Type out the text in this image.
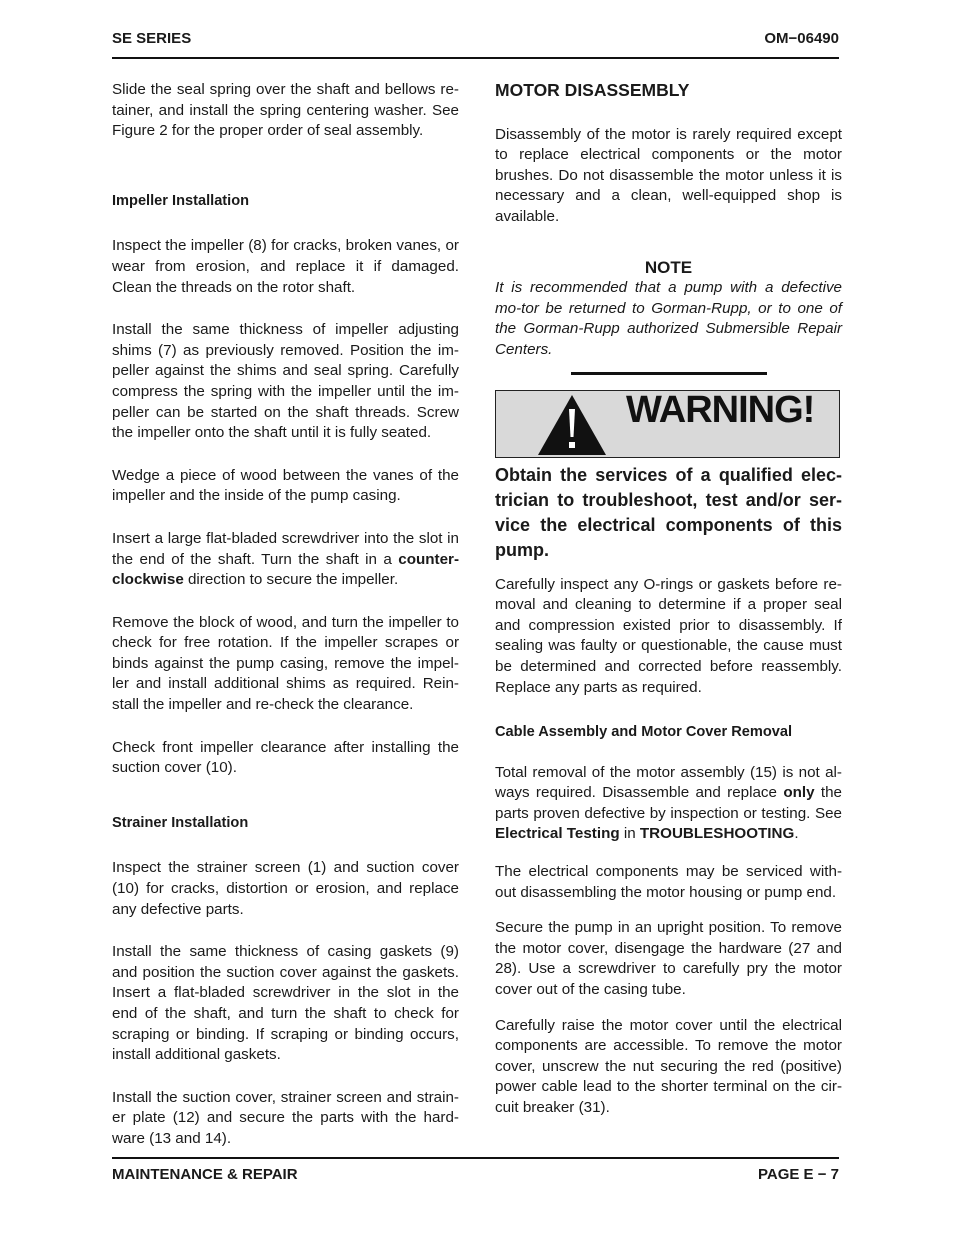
SE SERIES	OM−06490

Slide the seal spring over the shaft and bellows re-tainer, and install the spring centering washer. See Figure 2 for the proper order of seal assembly.

Impeller Installation

Inspect the impeller (8) for cracks, broken vanes, or wear from erosion, and replace it if damaged. Clean the threads on the rotor shaft.

Install the same thickness of impeller adjusting shims (7) as previously removed. Position the im-peller against the shims and seal spring. Carefully compress the spring with the impeller until the im-peller can be started on the shaft threads. Screw the impeller onto the shaft until it is fully seated.

Wedge a piece of wood between the vanes of the impeller and the inside of the pump casing.

Insert a large flat-bladed screwdriver into the slot in the end of the shaft. Turn the shaft in a counter-clockwise direction to secure the impeller.

Remove the block of wood, and turn the impeller to check for free rotation. If the impeller scrapes or binds against the pump casing, remove the impel-ler and install additional shims as required. Rein-stall the impeller and re-check the clearance.

Check front impeller clearance after installing the suction cover (10).

Strainer Installation

Inspect the strainer screen (1) and suction cover (10) for cracks, distortion or erosion, and replace any defective parts.

Install the same thickness of casing gaskets (9) and position the suction cover against the gaskets. Insert a flat-bladed screwdriver in the slot in the end of the shaft, and turn the shaft to check for scraping or binding. If scraping or binding occurs, install additional gaskets.

Install the suction cover, strainer screen and strain-er plate (12) and secure the parts with the hard-ware (13 and 14).

MOTOR DISASSEMBLY

Disassembly of the motor is rarely required except to replace electrical components or the motor brushes. Do not disassemble the motor unless it is necessary and a clean, well-equipped shop is available.

NOTE

It is recommended that a pump with a defective mo-tor be returned to Gorman-Rupp, or to one of the Gorman-Rupp authorized Submersible Repair Centers.

WARNING!

Obtain the services of a qualified elec-trician to troubleshoot, test and/or ser-vice the electrical components of this pump.

Carefully inspect any O-rings or gaskets before re-moval and cleaning to determine if a proper seal and compression existed prior to disassembly. If sealing was faulty or questionable, the cause must be determined and corrected before reassembly. Replace any parts as required.

Cable Assembly and Motor Cover Removal

Total removal of the motor assembly (15) is not al-ways required. Disassemble and replace only the parts proven defective by inspection or testing. See Electrical Testing in TROUBLESHOOTING.

The electrical components may be serviced with-out disassembling the motor housing or pump end.

Secure the pump in an upright position. To remove the motor cover, disengage the hardware (27 and 28). Use a screwdriver to carefully pry the motor cover out of the casing tube.

Carefully raise the motor cover until the electrical components are accessible. To remove the motor cover, unscrew the nut securing the red (positive) power cable lead to the shorter terminal on the cir-cuit breaker (31).

MAINTENANCE & REPAIR	PAGE E − 7
